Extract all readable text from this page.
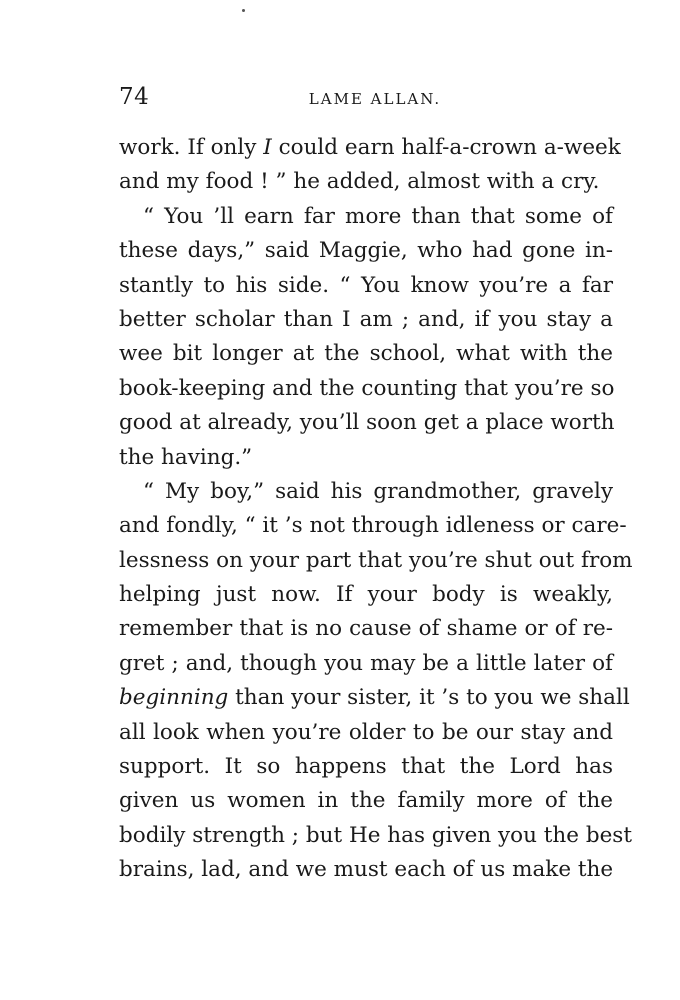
74	LAME ALLAN.
work. If only I could earn half-a-crown a-week
and my food ! ” he added, almost with a cry.
“ You ’ll earn far more than that some of
these days,” said Maggie, who had gone in-
stantly to his side. “ You know you’re a far
better scholar than I am ; and, if you stay a
wee bit longer at the school, what with the
book-keeping and the counting that you’re so
good at already, you’ll soon get a place worth
the having.”
“ My boy,” said his grandmother, gravely
and fondly, “ it ’s not through idleness or care-
lessness on your part that you’re shut out from
helping just now. If your body is weakly,
remember that is no cause of shame or of re-
gret ; and, though you may be a little later of
beginning than your sister, it ’s to you we shall
all look when you’re older to be our stay and
support. It so happens that the Lord has
given us women in the family more of the
bodily strength ; but He has given you the best
brains, lad, and we must each of us make the
